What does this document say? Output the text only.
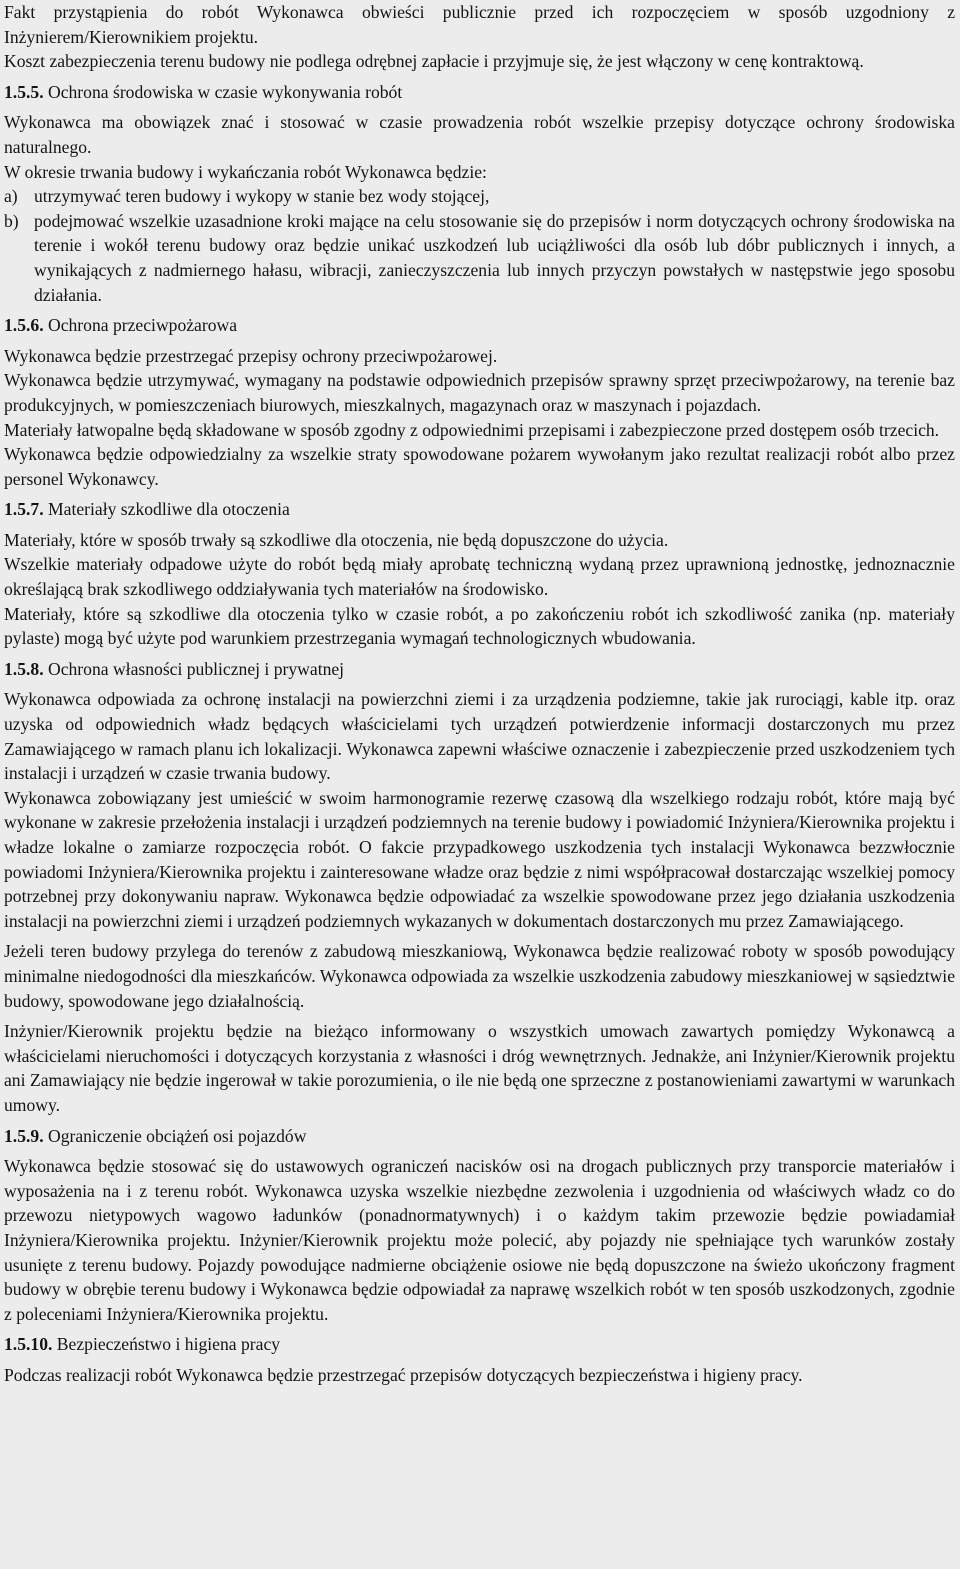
Fakt przystąpienia do robót Wykonawca obwieści publicznie przed ich rozpoczęciem w sposób uzgodniony z Inżynierem/Kierownikiem projektu.

Koszt zabezpieczenia terenu budowy nie podlega odrębnej zapłacie i przyjmuje się, że jest włączony w cenę kontraktową.

1.5.5. Ochrona środowiska w czasie wykonywania robót

Wykonawca ma obowiązek znać i stosować w czasie prowadzenia robót wszelkie przepisy dotyczące ochrony środowiska naturalnego.

W okresie trwania budowy i wykańczania robót Wykonawca będzie:

a) utrzymywać teren budowy i wykopy w stanie bez wody stojącej,
b) podejmować wszelkie uzasadnione kroki mające na celu stosowanie się do przepisów i norm dotyczących ochrony środowiska na terenie i wokół terenu budowy oraz będzie unikać uszkodzeń lub uciążliwości dla osób lub dóbr publicznych i innych, a wynikających z nadmiernego hałasu, wibracji, zanieczyszczenia lub innych przyczyn powstałych w następstwie jego sposobu działania.
1.5.6. Ochrona przeciwpożarowa

Wykonawca będzie przestrzegać przepisy ochrony przeciwpożarowej.

Wykonawca będzie utrzymywać, wymagany na podstawie odpowiednich przepisów sprawny sprzęt przeciwpożarowy, na terenie baz produkcyjnych, w pomieszczeniach biurowych, mieszkalnych, magazynach oraz w maszynach i pojazdach.

Materiały łatwopalne będą składowane w sposób zgodny z odpowiednimi przepisami i zabezpieczone przed dostępem osób trzecich.

Wykonawca będzie odpowiedzialny za wszelkie straty spowodowane pożarem wywołanym jako rezultat realizacji robót albo przez personel Wykonawcy.

1.5.7. Materiały szkodliwe dla otoczenia

Materiały, które w sposób trwały są szkodliwe dla otoczenia, nie będą dopuszczone do użycia.

Wszelkie materiały odpadowe użyte do robót będą miały aprobatę techniczną wydaną przez uprawnioną jednostkę, jednoznacznie określającą brak szkodliwego oddziaływania tych materiałów na środowisko.

Materiały, które są szkodliwe dla otoczenia tylko w czasie robót, a po zakończeniu robót ich szkodliwość zanika (np. materiały pylaste) mogą być użyte pod warunkiem przestrzegania wymagań technologicznych wbudowania.

1.5.8. Ochrona własności publicznej i prywatnej

Wykonawca odpowiada za ochronę instalacji na powierzchni ziemi i za urządzenia podziemne, takie jak rurociągi, kable itp. oraz uzyska od odpowiednich władz będących właścicielami tych urządzeń potwierdzenie informacji dostarczonych mu przez Zamawiającego w ramach planu ich lokalizacji. Wykonawca zapewni właściwe oznaczenie i zabezpieczenie przed uszkodzeniem tych instalacji i urządzeń w czasie trwania budowy.

Wykonawca zobowiązany jest umieścić w swoim harmonogramie rezerwę czasową dla wszelkiego rodzaju robót, które mają być wykonane w zakresie przełożenia instalacji i urządzeń podziemnych na terenie budowy i powiadomić Inżyniera/Kierownika projektu i władze lokalne o zamiarze rozpoczęcia robót. O fakcie przypadkowego uszkodzenia tych instalacji Wykonawca bezzwłocznie powiadomi Inżyniera/Kierownika projektu i zainteresowane władze oraz będzie z nimi współpracował dostarczając wszelkiej pomocy potrzebnej przy dokonywaniu napraw. Wykonawca będzie odpowiadać za wszelkie spowodowane przez jego działania uszkodzenia instalacji na powierzchni ziemi i urządzeń podziemnych wykazanych w dokumentach dostarczonych mu przez Zamawiającego.

Jeżeli teren budowy przylega do terenów z zabudową mieszkaniową, Wykonawca będzie realizować roboty w sposób powodujący minimalne niedogodności dla mieszkańców. Wykonawca odpowiada za wszelkie uszkodzenia zabudowy mieszkaniowej w sąsiedztwie budowy, spowodowane jego działalnością.

Inżynier/Kierownik projektu będzie na bieżąco informowany o wszystkich umowach zawartych pomiędzy Wykonawcą a właścicielami nieruchomości i dotyczących korzystania z własności i dróg wewnętrznych. Jednakże, ani Inżynier/Kierownik projektu ani Zamawiający nie będzie ingerował w takie porozumienia, o ile nie będą one sprzeczne z postanowieniami zawartymi w warunkach umowy.

1.5.9. Ograniczenie obciążeń osi pojazdów

Wykonawca będzie stosować się do ustawowych ograniczeń nacisków osi na drogach publicznych przy transporcie materiałów i wyposażenia na i z terenu robót. Wykonawca uzyska wszelkie niezbędne zezwolenia i uzgodnienia od właściwych władz co do przewozu nietypowych wagowo ładunków (ponadnormatywnych) i o każdym takim przewozie będzie powiadamiał Inżyniera/Kierownika projektu. Inżynier/Kierownik projektu może polecić, aby pojazdy nie spełniające tych warunków zostały usunięte z terenu budowy. Pojazdy powodujące nadmierne obciążenie osiowe nie będą dopuszczone na świeżo ukończony fragment budowy w obrębie terenu budowy i Wykonawca będzie odpowiadał za naprawę wszelkich robót w ten sposób uszkodzonych, zgodnie z poleceniami Inżyniera/Kierownika projektu.

1.5.10. Bezpieczeństwo i higiena pracy

Podczas realizacji robót Wykonawca będzie przestrzegać przepisów dotyczących bezpieczeństwa i higieny pracy.
